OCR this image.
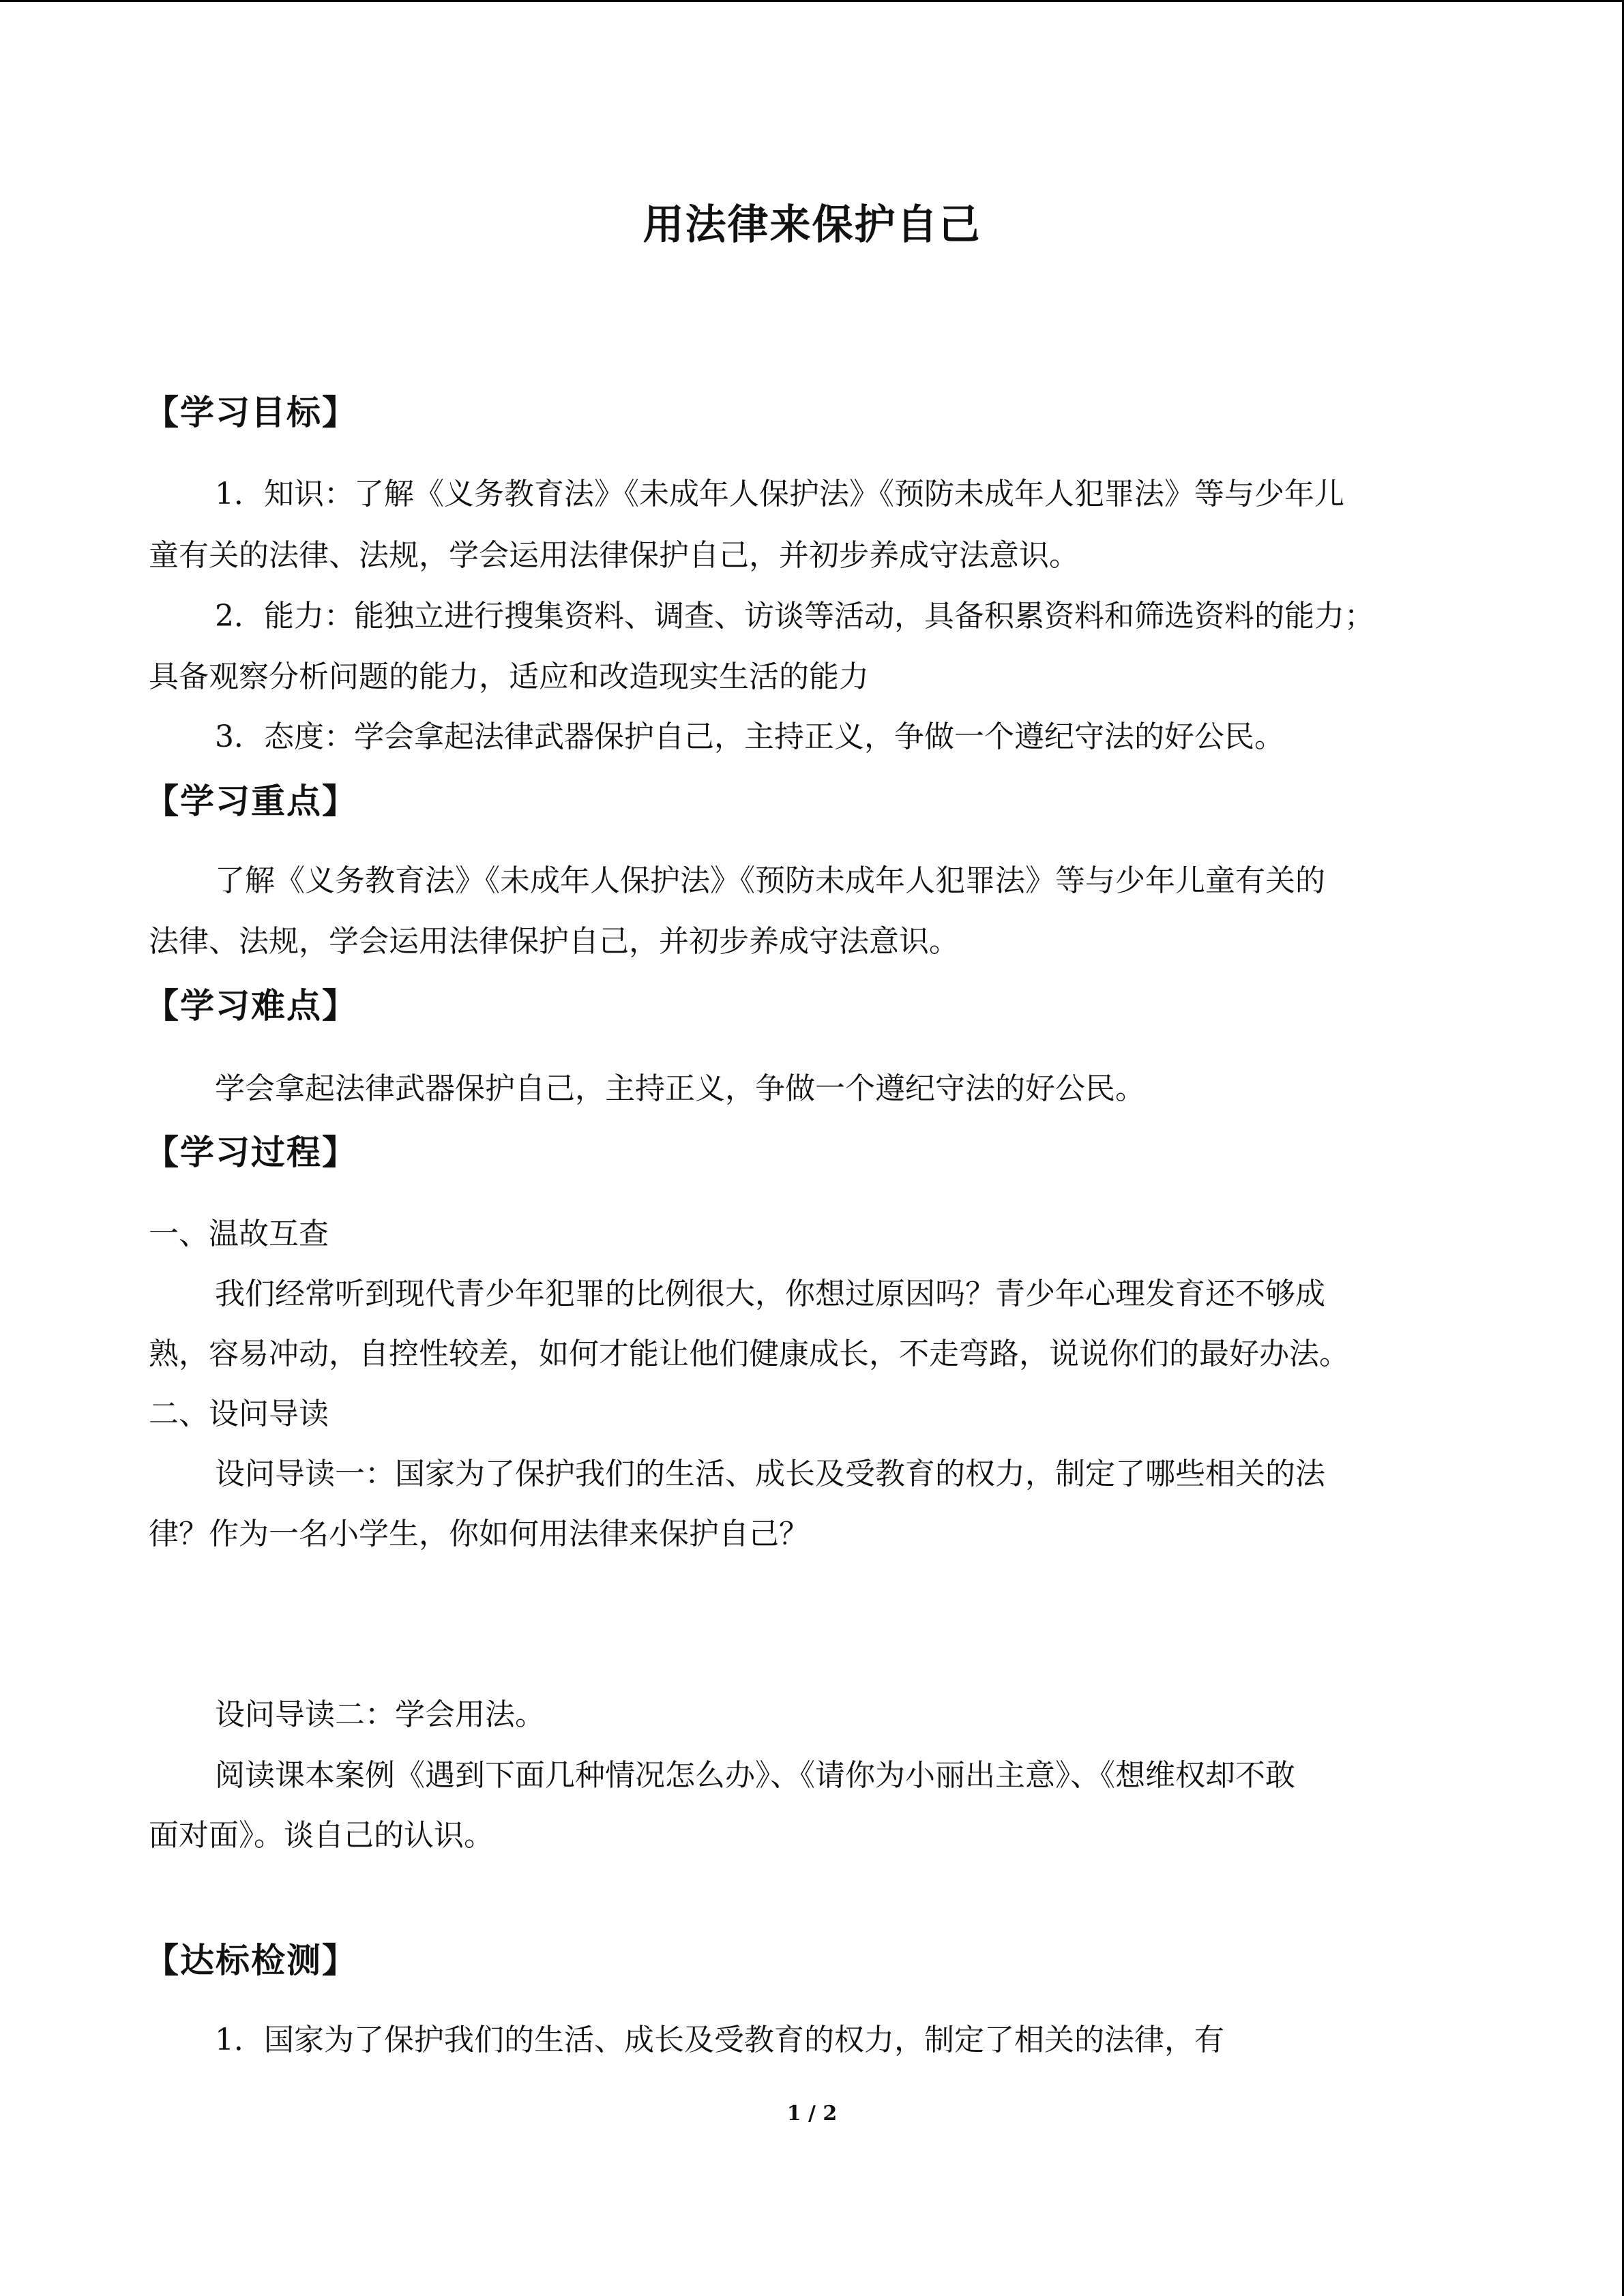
用法律来保护自己
【学习目标】
1．知识：了解《义务教育法》《未成年人保护法》《预防未成年人犯罪法》等与少年儿
童有关的法律、法规，学会运用法律保护自己，并初步养成守法意识。
2．能力：能独立进行搜集资料、调查、访谈等活动，具备积累资料和筛选资料的能力；
具备观察分析问题的能力，适应和改造现实生活的能力
3．态度：学会拿起法律武器保护自己，主持正义，争做一个遵纪守法的好公民。
【学习重点】
了解《义务教育法》《未成年人保护法》《预防未成年人犯罪法》等与少年儿童有关的
法律、法规，学会运用法律保护自己，并初步养成守法意识。
【学习难点】
学会拿起法律武器保护自己，主持正义，争做一个遵纪守法的好公民。
【学习过程】
一、温故互查
我们经常听到现代青少年犯罪的比例很大，你想过原因吗？青少年心理发育还不够成
熟，容易冲动，自控性较差，如何才能让他们健康成长，不走弯路，说说你们的最好办法。
二、设问导读
设问导读一：国家为了保护我们的生活、成长及受教育的权力，制定了哪些相关的法
律？作为一名小学生，你如何用法律来保护自己？
设问导读二：学会用法。
阅读课本案例《遇到下面几种情况怎么办》、《请你为小丽出主意》、《想维权却不敢
面对面》。谈自己的认识。
【达标检测】
1．国家为了保护我们的生活、成长及受教育的权力，制定了相关的法律，有
1 / 2
